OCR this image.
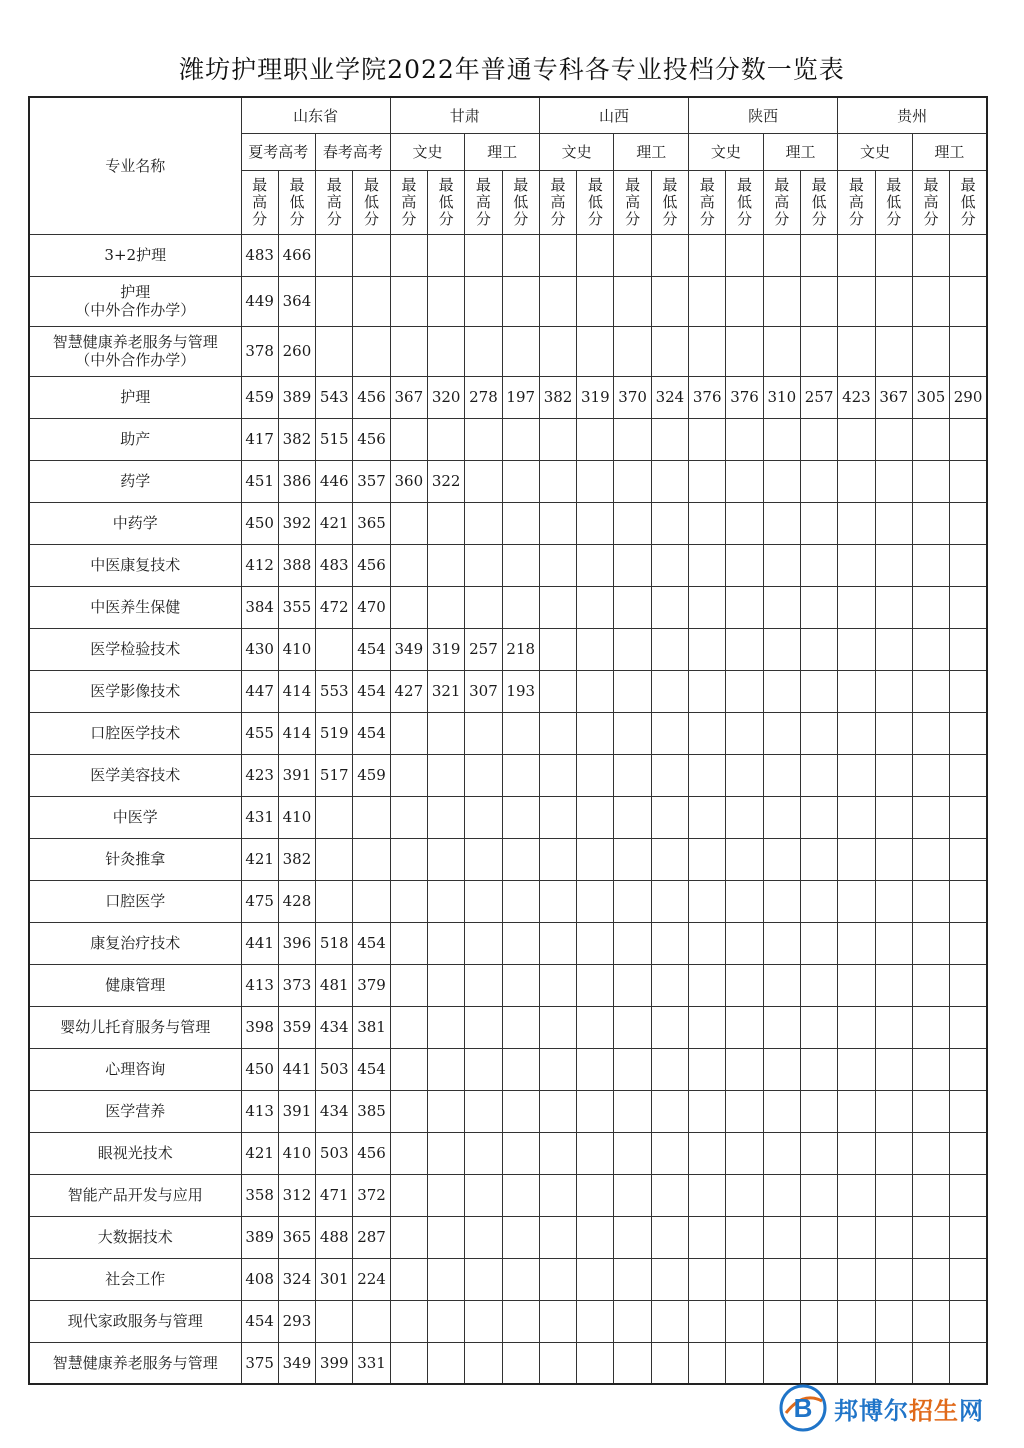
潍坊护理职业学院2022年普通专科各专业投档分数一览表
专业名称	山东省				甘肃				山西				陕西				贵州			
	夏考高考		春考高考		文史		理工		文史		理工		文史		理工		文史		理工	

	最
高
分	最
低
分	最
高
分	最
低
分	最
高
分	最
低
分	最
高
分	最
低
分	最
高
分	最
低
分	最
高
分	最
低
分	最
高
分	最
低
分	最
高
分	最
低
分	最
高
分	最
低
分	最
高
分	最
低
分

3+2护理	483	466																		
护理
（中外合作办学）	449	364																		
智慧健康养老服务与管理
（中外合作办学）	378	260																		
护理	459	389	543	456	367	320	278	197	382	319	370	324	376	376	310	257	423	367	305	290
助产	417	382	515	456																
药学	451	386	446	357	360	322														
中药学	450	392	421	365																
中医康复技术	412	388	483	456																
中医养生保健	384	355	472	470																
医学检验技术	430	410		454	349	319	257	218												
医学影像技术	447	414	553	454	427	321	307	193												
口腔医学技术	455	414	519	454																
医学美容技术	423	391	517	459																
中医学	431	410																		
针灸推拿	421	382																		
口腔医学	475	428																		
康复治疗技术	441	396	518	454																
健康管理	413	373	481	379																
婴幼儿托育服务与管理	398	359	434	381																
心理咨询	450	441	503	454																
医学营养	413	391	434	385																
眼视光技术	421	410	503	456																
智能产品开发与应用	358	312	471	372																
大数据技术	389	365	488	287																
社会工作	408	324	301	224																
现代家政服务与管理	454	293																		
智慧健康养老服务与管理	375	349	399	331																
B 邦博尔招生网
